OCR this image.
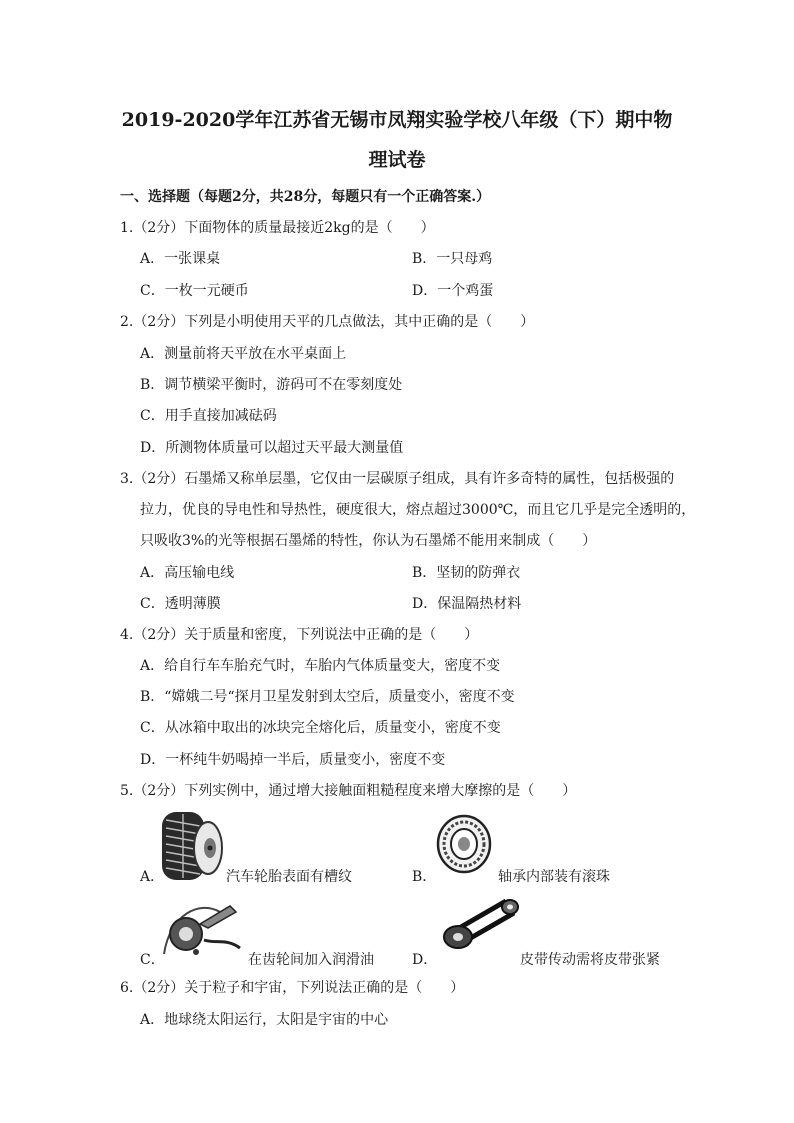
2019-2020学年江苏省无锡市凤翔实验学校八年级（下）期中物
理试卷

一、选择题（每题2分，共28分，每题只有一个正确答案.）

1.（2分）下面物体的质量最接近2kg的是（　　）

A．一张课桌	B．一只母鸡
C．一枚一元硬币	D．一个鸡蛋

2.（2分）下列是小明使用天平的几点做法，其中正确的是（　　）

A．测量前将天平放在水平桌面上
B．调节横梁平衡时，游码可不在零刻度处
C．用手直接加减砝码
D．所测物体质量可以超过天平最大测量值

3.（2分）石墨烯又称单层墨，它仅由一层碳原子组成，具有许多奇特的属性，包括极强的

拉力，优良的导电性和导热性，硬度很大，熔点超过3000℃，而且它几乎是完全透明的，

只吸收3%的光等根据石墨烯的特性，你认为石墨烯不能用来制成（　　）

A．高压输电线	B．坚韧的防弹衣
C．透明薄膜	D．保温隔热材料

4.（2分）关于质量和密度，下列说法中正确的是（　　）

A．给自行车车胎充气时，车胎内气体质量变大，密度不变
B．“嫦娥二号“探月卫星发射到太空后，质量变小，密度不变
C．从冰箱中取出的冰块完全熔化后，质量变小，密度不变
D．一杯纯牛奶喝掉一半后，质量变小，密度不变

5.（2分）下列实例中，通过增大接触面粗糙程度来增大摩擦的是（　　）

A．	汽车轮胎表面有槽纹	B．	轴承内部装有滚珠
C．	在齿轮间加入润滑油	D．	皮带传动需将皮带张紧

6.（2分）关于粒子和宇宙，下列说法正确的是（　　）

A．地球绕太阳运行，太阳是宇宙的中心
